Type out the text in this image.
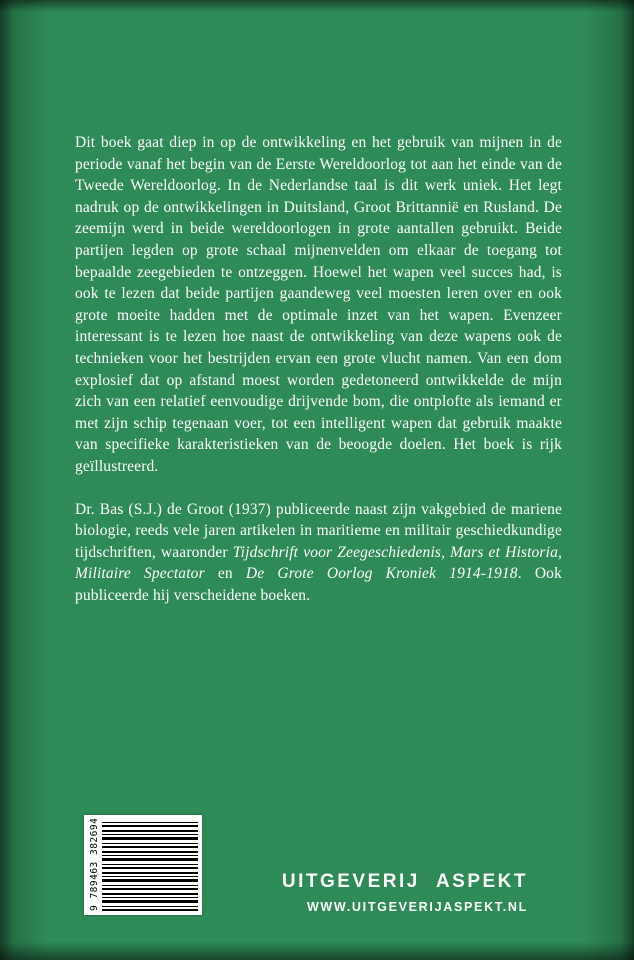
Dit boek gaat diep in op de ontwikkeling en het gebruik van mijnen in de periode vanaf het begin van de Eerste Wereldoorlog tot aan het einde van de Tweede Wereldoorlog. In de Nederlandse taal is dit werk uniek. Het legt nadruk op de ontwikkelingen in Duitsland, Groot Brittannië en Rusland. De zeemijn werd in beide wereldoorlogen in grote aantallen gebruikt. Beide partijen legden op grote schaal mijnenvelden om elkaar de toegang tot bepaalde zeegebieden te ontzeggen. Hoewel het wapen veel succes had, is ook te lezen dat beide partijen gaandeweg veel moesten leren over en ook grote moeite hadden met de optimale inzet van het wapen. Evenzeer interessant is te lezen hoe naast de ontwikkeling van deze wapens ook de technieken voor het bestrijden ervan een grote vlucht namen. Van een dom explosief dat op afstand moest worden gedetoneerd ontwikkelde de mijn zich van een relatief eenvoudige drijvende bom, die ontplofte als iemand er met zijn schip tegenaan voer, tot een intelligent wapen dat gebruik maakte van specifieke karakteristieken van de beoogde doelen. Het boek is rijk geïllustreerd.

Dr. Bas (S.J.) de Groot (1937) publiceerde naast zijn vakgebied de mariene biologie, reeds vele jaren artikelen in maritieme en militair geschiedkundige tijdschriften, waaronder Tijdschrift voor Zeegeschiedenis, Mars et Historia, Militaire Spectator en De Grote Oorlog Kroniek 1914-1918. Ook publiceerde hij verscheidene boeken.

9 789463 382694	UITGEVERIJ ASPEKT
WWW.UITGEVERIJASPEKT.NL
